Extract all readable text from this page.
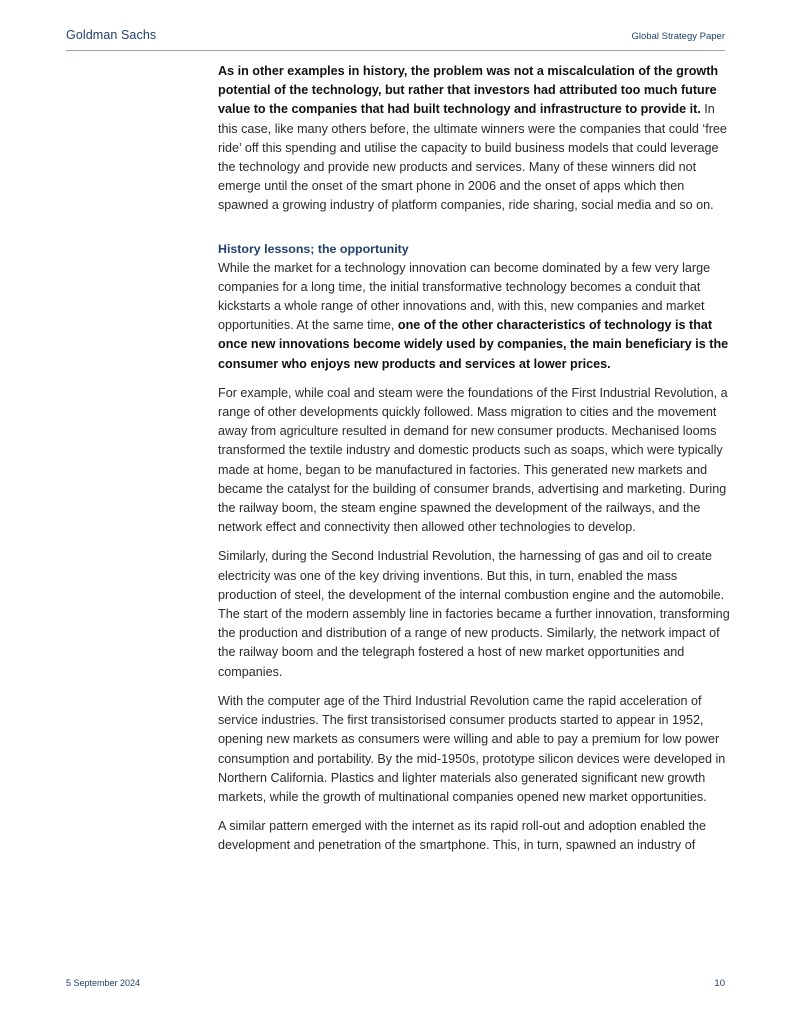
Goldman Sachs	Global Strategy Paper

As in other examples in history, the problem was not a miscalculation of the growth potential of the technology, but rather that investors had attributed too much future value to the companies that had built technology and infrastructure to provide it. In this case, like many others before, the ultimate winners were the companies that could ‘free ride’ off this spending and utilise the capacity to build business models that could leverage the technology and provide new products and services. Many of these winners did not emerge until the onset of the smart phone in 2006 and the onset of apps which then spawned a growing industry of platform companies, ride sharing, social media and so on.

History lessons; the opportunity

While the market for a technology innovation can become dominated by a few very large companies for a long time, the initial transformative technology becomes a conduit that kickstarts a whole range of other innovations and, with this, new companies and market opportunities. At the same time, one of the other characteristics of technology is that once new innovations become widely used by companies, the main beneficiary is the consumer who enjoys new products and services at lower prices.

For example, while coal and steam were the foundations of the First Industrial Revolution, a range of other developments quickly followed. Mass migration to cities and the movement away from agriculture resulted in demand for new consumer products. Mechanised looms transformed the textile industry and domestic products such as soaps, which were typically made at home, began to be manufactured in factories. This generated new markets and became the catalyst for the building of consumer brands, advertising and marketing. During the railway boom, the steam engine spawned the development of the railways, and the network effect and connectivity then allowed other technologies to develop.

Similarly, during the Second Industrial Revolution, the harnessing of gas and oil to create electricity was one of the key driving inventions. But this, in turn, enabled the mass production of steel, the development of the internal combustion engine and the automobile. The start of the modern assembly line in factories became a further innovation, transforming the production and distribution of a range of new products. Similarly, the network impact of the railway boom and the telegraph fostered a host of new market opportunities and companies.

With the computer age of the Third Industrial Revolution came the rapid acceleration of service industries. The first transistorised consumer products started to appear in 1952, opening new markets as consumers were willing and able to pay a premium for low power consumption and portability. By the mid-1950s, prototype silicon devices were developed in Northern California. Plastics and lighter materials also generated significant new growth markets, while the growth of multinational companies opened new market opportunities.

A similar pattern emerged with the internet as its rapid roll-out and adoption enabled the development and penetration of the smartphone. This, in turn, spawned an industry of

5 September 2024	10
